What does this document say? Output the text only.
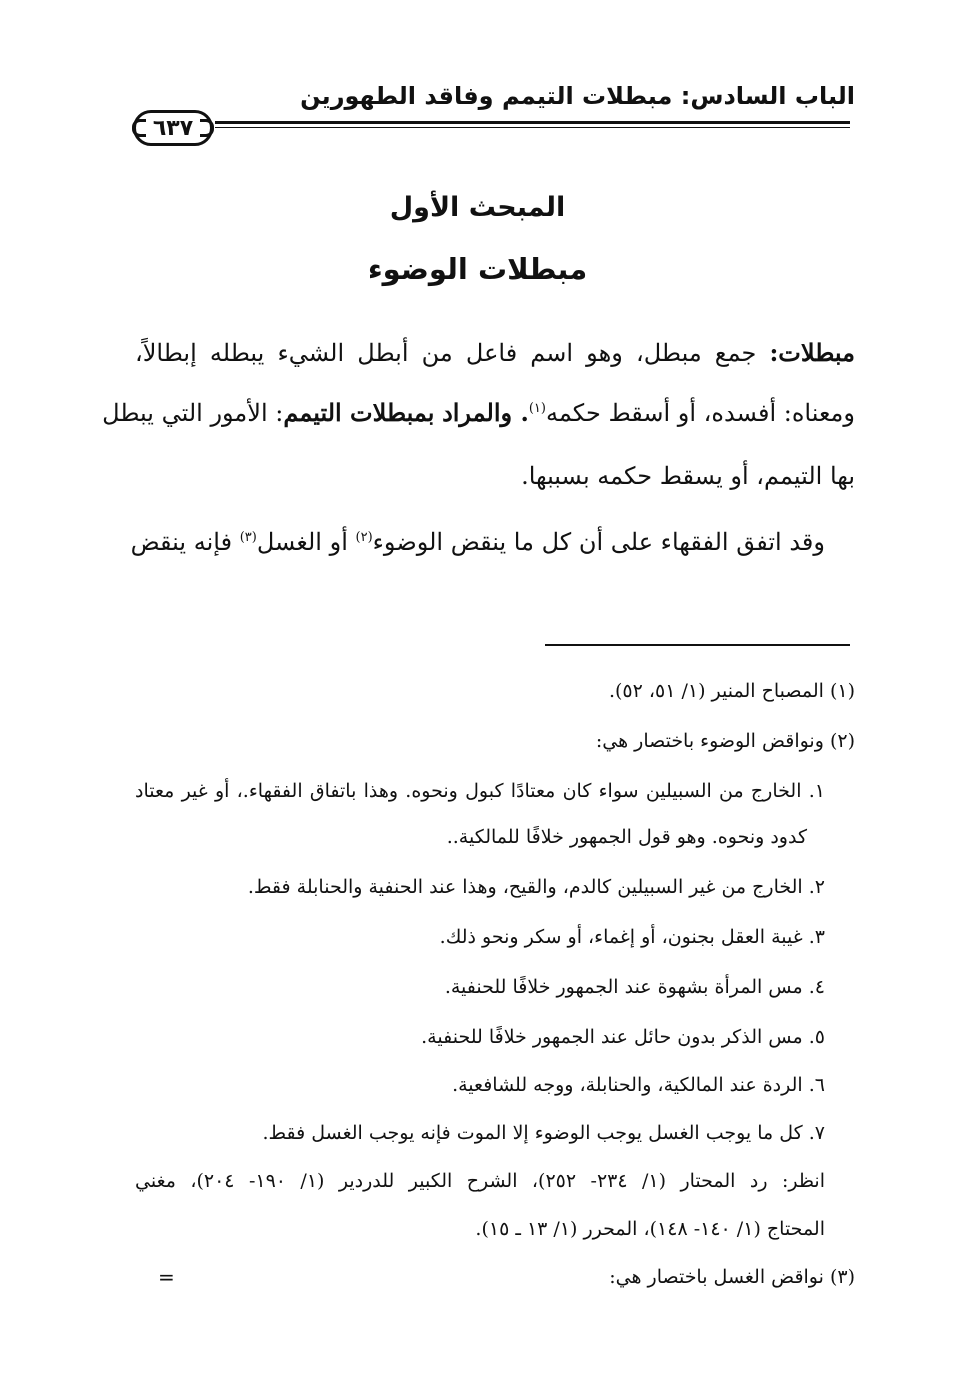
الباب السادس: مبطلات التيمم وفاقد الطهورين
٦٣٧
المبحث الأول
مبطلات الوضوء
مبطلات: جمع مبطل، وهو اسم فاعل من أبطل الشيء يبطله إبطالاً،
ومعناه: أفسده، أو أسقط حكمه$^{(١)}$. والمراد بمبطلات التيمم: الأمور التي يبطل
بها التيمم، أو يسقط حكمه بسببها.
وقد اتفق الفقهاء على أن كل ما ينقض الوضوء$^{(٢)}$ أو الغسل$^{(٣)}$ فإنه ينقض
(١) المصباح المنير (١/ ٥١، ٥٢).
(٢) ونواقض الوضوء باختصار هي:
١. الخارج من السبيلين سواء كان معتادًا كبول ونحوه. وهذا باتفاق الفقهاء.، أو غير معتاد
كدود ونحوه. وهو قول الجمهور خلافًا للمالكية..
٢. الخارج من غير السبيلين كالدم، والقيح، وهذا عند الحنفية والحنابلة فقط.
٣. غيبة العقل بجنون، أو إغماء، أو سكر ونحو ذلك.
٤. مس المرأة بشهوة عند الجمهور خلافًا للحنفية.
٥. مس الذكر بدون حائل عند الجمهور خلافًا للحنفية.
٦. الردة عند المالكية، والحنابلة، ووجه للشافعية.
٧. كل ما يوجب الغسل يوجب الوضوء إلا الموت فإنه يوجب الغسل فقط.
انظر: رد المحتار (١/ ٢٣٤- ٢٥٢)، الشرح الكبير للدردير (١/ ١٩٠- ٢٠٤)، مغني
المحتاج (١/ ١٤٠- ١٤٨)، المحرر (١/ ١٣ ـ ١٥).
(٣) نواقض الغسل باختصار هي:
=
